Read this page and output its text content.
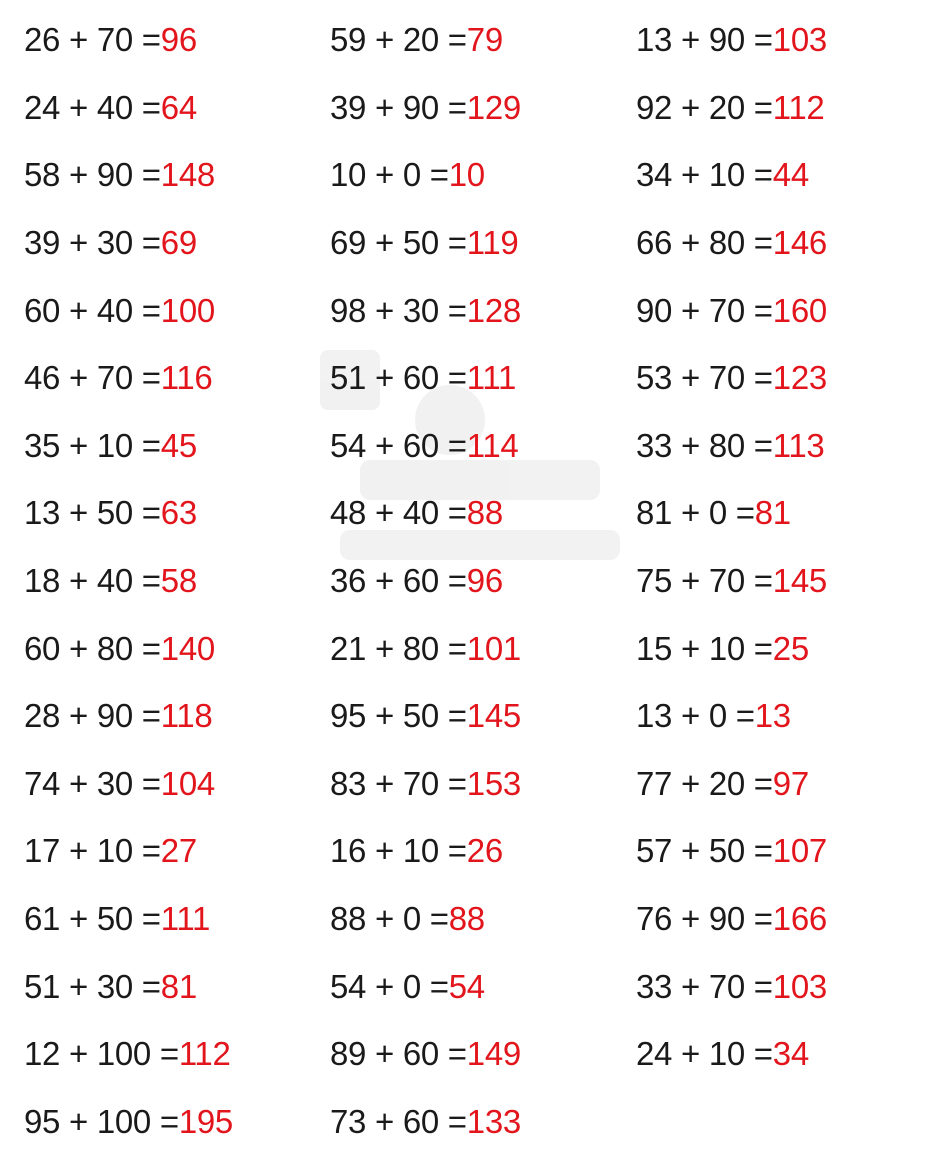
26 + 70 = 96	59 + 20 = 79	13 + 90 = 103
24 + 40 = 64	39 + 90 = 129	92 + 20 = 112
58 + 90 = 148	10 + 0 = 10	34 + 10 = 44
39 + 30 = 69	69 + 50 = 119	66 + 80 = 146
60 + 40 = 100	98 + 30 = 128	90 + 70 = 160
46 + 70 = 116	51 + 60 = 111	53 + 70 = 123
35 + 10 = 45	54 + 60 = 114	33 + 80 = 113
13 + 50 = 63	48 + 40 = 88	81 + 0 = 81
18 + 40 = 58	36 + 60 = 96	75 + 70 = 145
60 + 80 = 140	21 + 80 = 101	15 + 10 = 25
28 + 90 = 118	95 + 50 = 145	13 + 0 = 13
74 + 30 = 104	83 + 70 = 153	77 + 20 = 97
17 + 10 = 27	16 + 10 = 26	57 + 50 = 107
61 + 50 = 111	88 + 0 = 88	76 + 90 = 166
51 + 30 = 81	54 + 0 = 54	33 + 70 = 103
12 + 100 = 112	89 + 60 = 149	24 + 10 = 34
95 + 100 = 195	73 + 60 = 133
